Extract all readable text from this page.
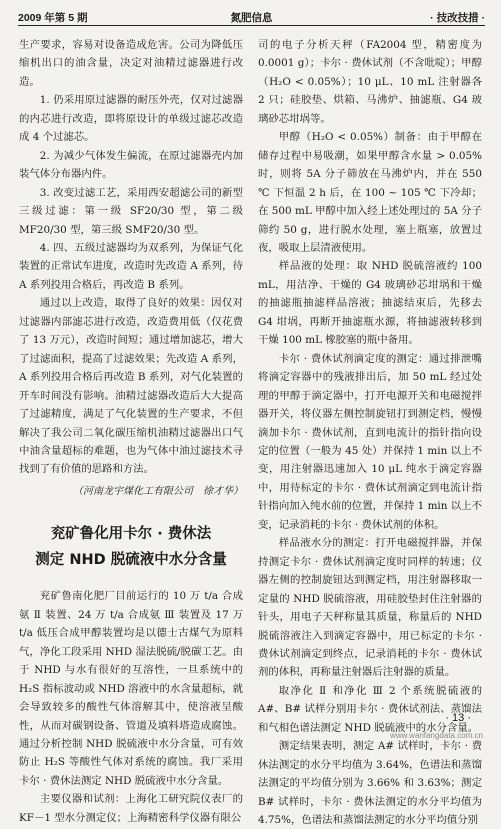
2009 年第 5 期	氮肥信息	· 技改技措 ·

生产要求，容易对设备造成危害。公司为降低压缩机出口的油含量，决定对油精过滤器进行改造。

1. 仍采用原过滤器的耐压外壳，仅对过滤器的内芯进行改造，即将原设计的单级过滤芯改造成 4 个过滤芯。

2. 为减少气体发生偏流，在原过滤器壳内加装气体分布器内件。

3. 改变过滤工艺，采用西安超滤公司的新型三级过滤：第一级 SF20/30 型，第二级 MF20/30 型，第三级 SMF20/30 型。

4. 四、五级过滤器均为双系列，为保证气化装置的正常试车进度，改造时先改造 A 系列，待 A 系列投用合格后，再改造 B 系列。

通过以上改造，取得了良好的效果：因仅对过滤器内部滤芯进行改造，改造费用低（仅花费了 13 万元），改造时间短；通过增加滤芯，增大了过滤面积，提高了过滤效果；先改造 A 系列，A 系列投用合格后再改造 B 系列，对气化装置的开车时间没有影响。油精过滤器改造后大大提高了过滤精度，满足了气化装置的生产要求，不但解决了我公司二氧化碳压缩机油精过滤器出口气中油含量超标的难题，也为气体中油过滤技术寻找到了有价值的思路和方法。

（河南龙宇煤化工有限公司　徐才华）

兖矿鲁化用卡尔 · 费休法
测定 NHD 脱硫液中水分含量

兖矿鲁南化肥厂目前运行的 10 万 t/a 合成氨 Ⅱ 装置、24 万 t/a 合成氨 Ⅲ 装置及 17 万 t/a 低压合成甲醇装置均是以德士古煤气为原料气，净化工段采用 NHD 湿法脱硫/脱碳工艺。由于 NHD 与水有很好的互溶性，一旦系统中的 H₂S 指标波动或 NHD 溶液中的水含量超标，就会导致较多的酸性气体溶解其中，使溶液呈酸性，从而对碳钢设备、管道及填料塔造成腐蚀。通过分析控制 NHD 脱硫液中水分含量，可有效防止 H₂S 等酸性气体对系统的腐蚀。我厂采用卡尔 · 费休法测定 NHD 脱硫液中水分含量。

主要仪器和试剂：上海化工研究院仪表厂的 KF－1 型水分测定仪；上海精密科学仪器有限公

司的电子分析天秤（FA2004 型，精密度为 0.0001 g）；卡尔 · 费休试剂（不含吡啶）；甲醇（H₂O < 0.05%）；10 μL、10 mL 注射器各 2 只；硅胶垫、烘箱、马沸炉、抽滤瓶、G4 玻璃砂芯坩埚等。

甲醇（H₂O < 0.05%）制备：由于甲醇在储存过程中易吸潮，如果甲醇含水量 > 0.05% 时，则将 5A 分子筛放在马沸炉内，并在 550 ℃ 下恒温 2 h 后，在 100 ~ 105 ℃ 下冷却；在 500 mL 甲醇中加入经上述处理过的 5A 分子筛约 50 g，进行脱水处理，塞上瓶塞，放置过夜，吸取上层清液使用。

样品液的处理：取 NHD 脱硫溶液约 100 mL，用洁净、干燥的 G4 玻璃砂芯坩埚和干燥的抽滤瓶抽滤样品溶液；抽滤结束后，先移去 G4 坩埚，再断开抽滤瓶水源，将抽滤液转移到干燥 100 mL 橡胶塞的瓶中备用。

卡尔 · 费休试剂滴定度的测定：通过排泄嘴将滴定容器中的残液排出后，加 50 mL 经过处理的甲醇于滴定器中，打开电源开关和电磁搅拌器开关，将仪器左侧控制旋钮打到测定档，慢慢滴加卡尔 · 费休试剂，直到电流计的指针指向设定的位置（一般为 45 处）并保持 1 min 以上不变，用注射器迅速加入 10 μL 纯水于滴定容器中，用待标定的卡尔 · 费休试剂滴定到电流计指针指向加入纯水前的位置，并保持 1 min 以上不变，记录消耗的卡尔 · 费休试剂的体积。

样品液水分的测定：打开电磁搅拌器，并保持测定卡尔 · 费休试剂滴定度时同样的转速；仪器左侧的控制旋钮达到测定档，用注射器移取一定量的 NHD 脱硫溶液，用硅胶垫封住注射器的针头，用电子天秤称量其质量，称量后的 NHD 脱硫溶液注入到滴定容器中，用已标定的卡尔 · 费休试剂滴定到终点，记录消耗的卡尔 · 费休试剂的体积，再称量注射器后注射器的质量。

取净化 Ⅱ 和净化 Ⅲ 2 个系统脱硫液的 A#、B# 试样分别用卡尔 · 费休试剂法、蒸馏法和气相色谱法测定 NHD 脱硫液中的水分含量。

测定结果表明，测定 A# 试样时，卡尔 · 费休法测定的水分平均值为 3.64%，色谱法和蒸馏法测定的平均值分别为 3.66% 和 3.63%；测定 B# 试样时，卡尔 · 费休法测定的水分平均值为 4.75%，色谱法和蒸馏法测定的水分平均值分别

· 13 ·
www.wanfangdata.com.cn
